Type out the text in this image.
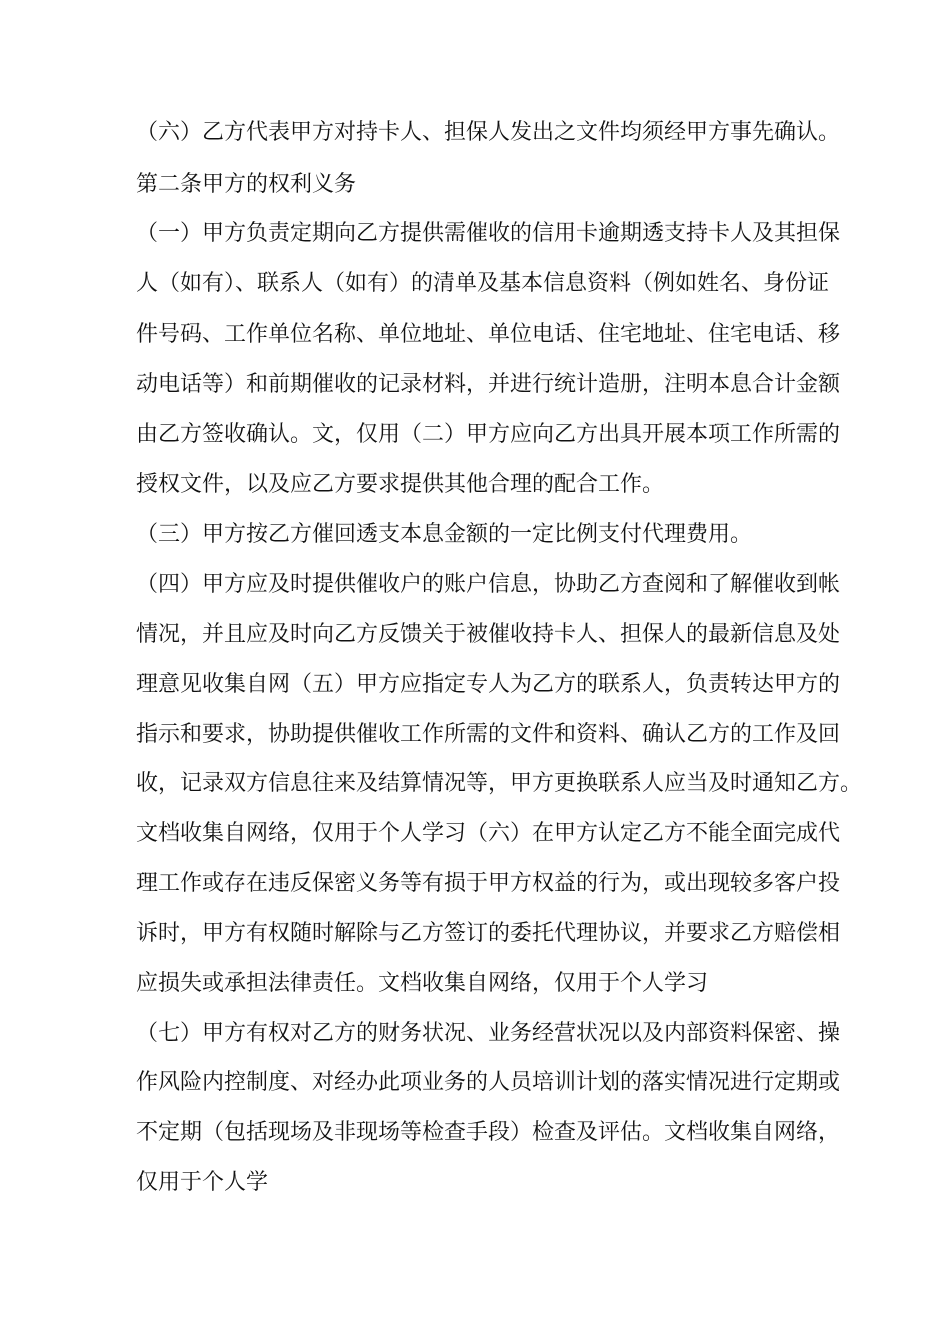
（六）乙方代表甲方对持卡人、担保人发出之文件均须经甲方事先确认。
第二条甲方的权利义务
（一）甲方负责定期向乙方提供需催收的信用卡逾期透支持卡人及其担保
人（如有）、联系人（如有）的清单及基本信息资料（例如姓名、身份证
件号码、工作单位名称、单位地址、单位电话、住宅地址、住宅电话、移
动电话等）和前期催收的记录材料，并进行统计造册，注明本息合计金额
由乙方签收确认。文，仅用（二）甲方应向乙方出具开展本项工作所需的
授权文件，以及应乙方要求提供其他合理的配合工作。
（三）甲方按乙方催回透支本息金额的一定比例支付代理费用。
（四）甲方应及时提供催收户的账户信息，协助乙方查阅和了解催收到帐
情况，并且应及时向乙方反馈关于被催收持卡人、担保人的最新信息及处
理意见收集自网（五）甲方应指定专人为乙方的联系人，负责转达甲方的
指示和要求，协助提供催收工作所需的文件和资料、确认乙方的工作及回
收，记录双方信息往来及结算情况等，甲方更换联系人应当及时通知乙方。
文档收集自网络，仅用于个人学习（六）在甲方认定乙方不能全面完成代
理工作或存在违反保密义务等有损于甲方权益的行为，或出现较多客户投
诉时，甲方有权随时解除与乙方签订的委托代理协议，并要求乙方赔偿相
应损失或承担法律责任。文档收集自网络，仅用于个人学习
（七）甲方有权对乙方的财务状况、业务经营状况以及内部资料保密、操
作风险内控制度、对经办此项业务的人员培训计划的落实情况进行定期或
不定期（包括现场及非现场等检查手段）检查及评估。文档收集自网络，
仅用于个人学
